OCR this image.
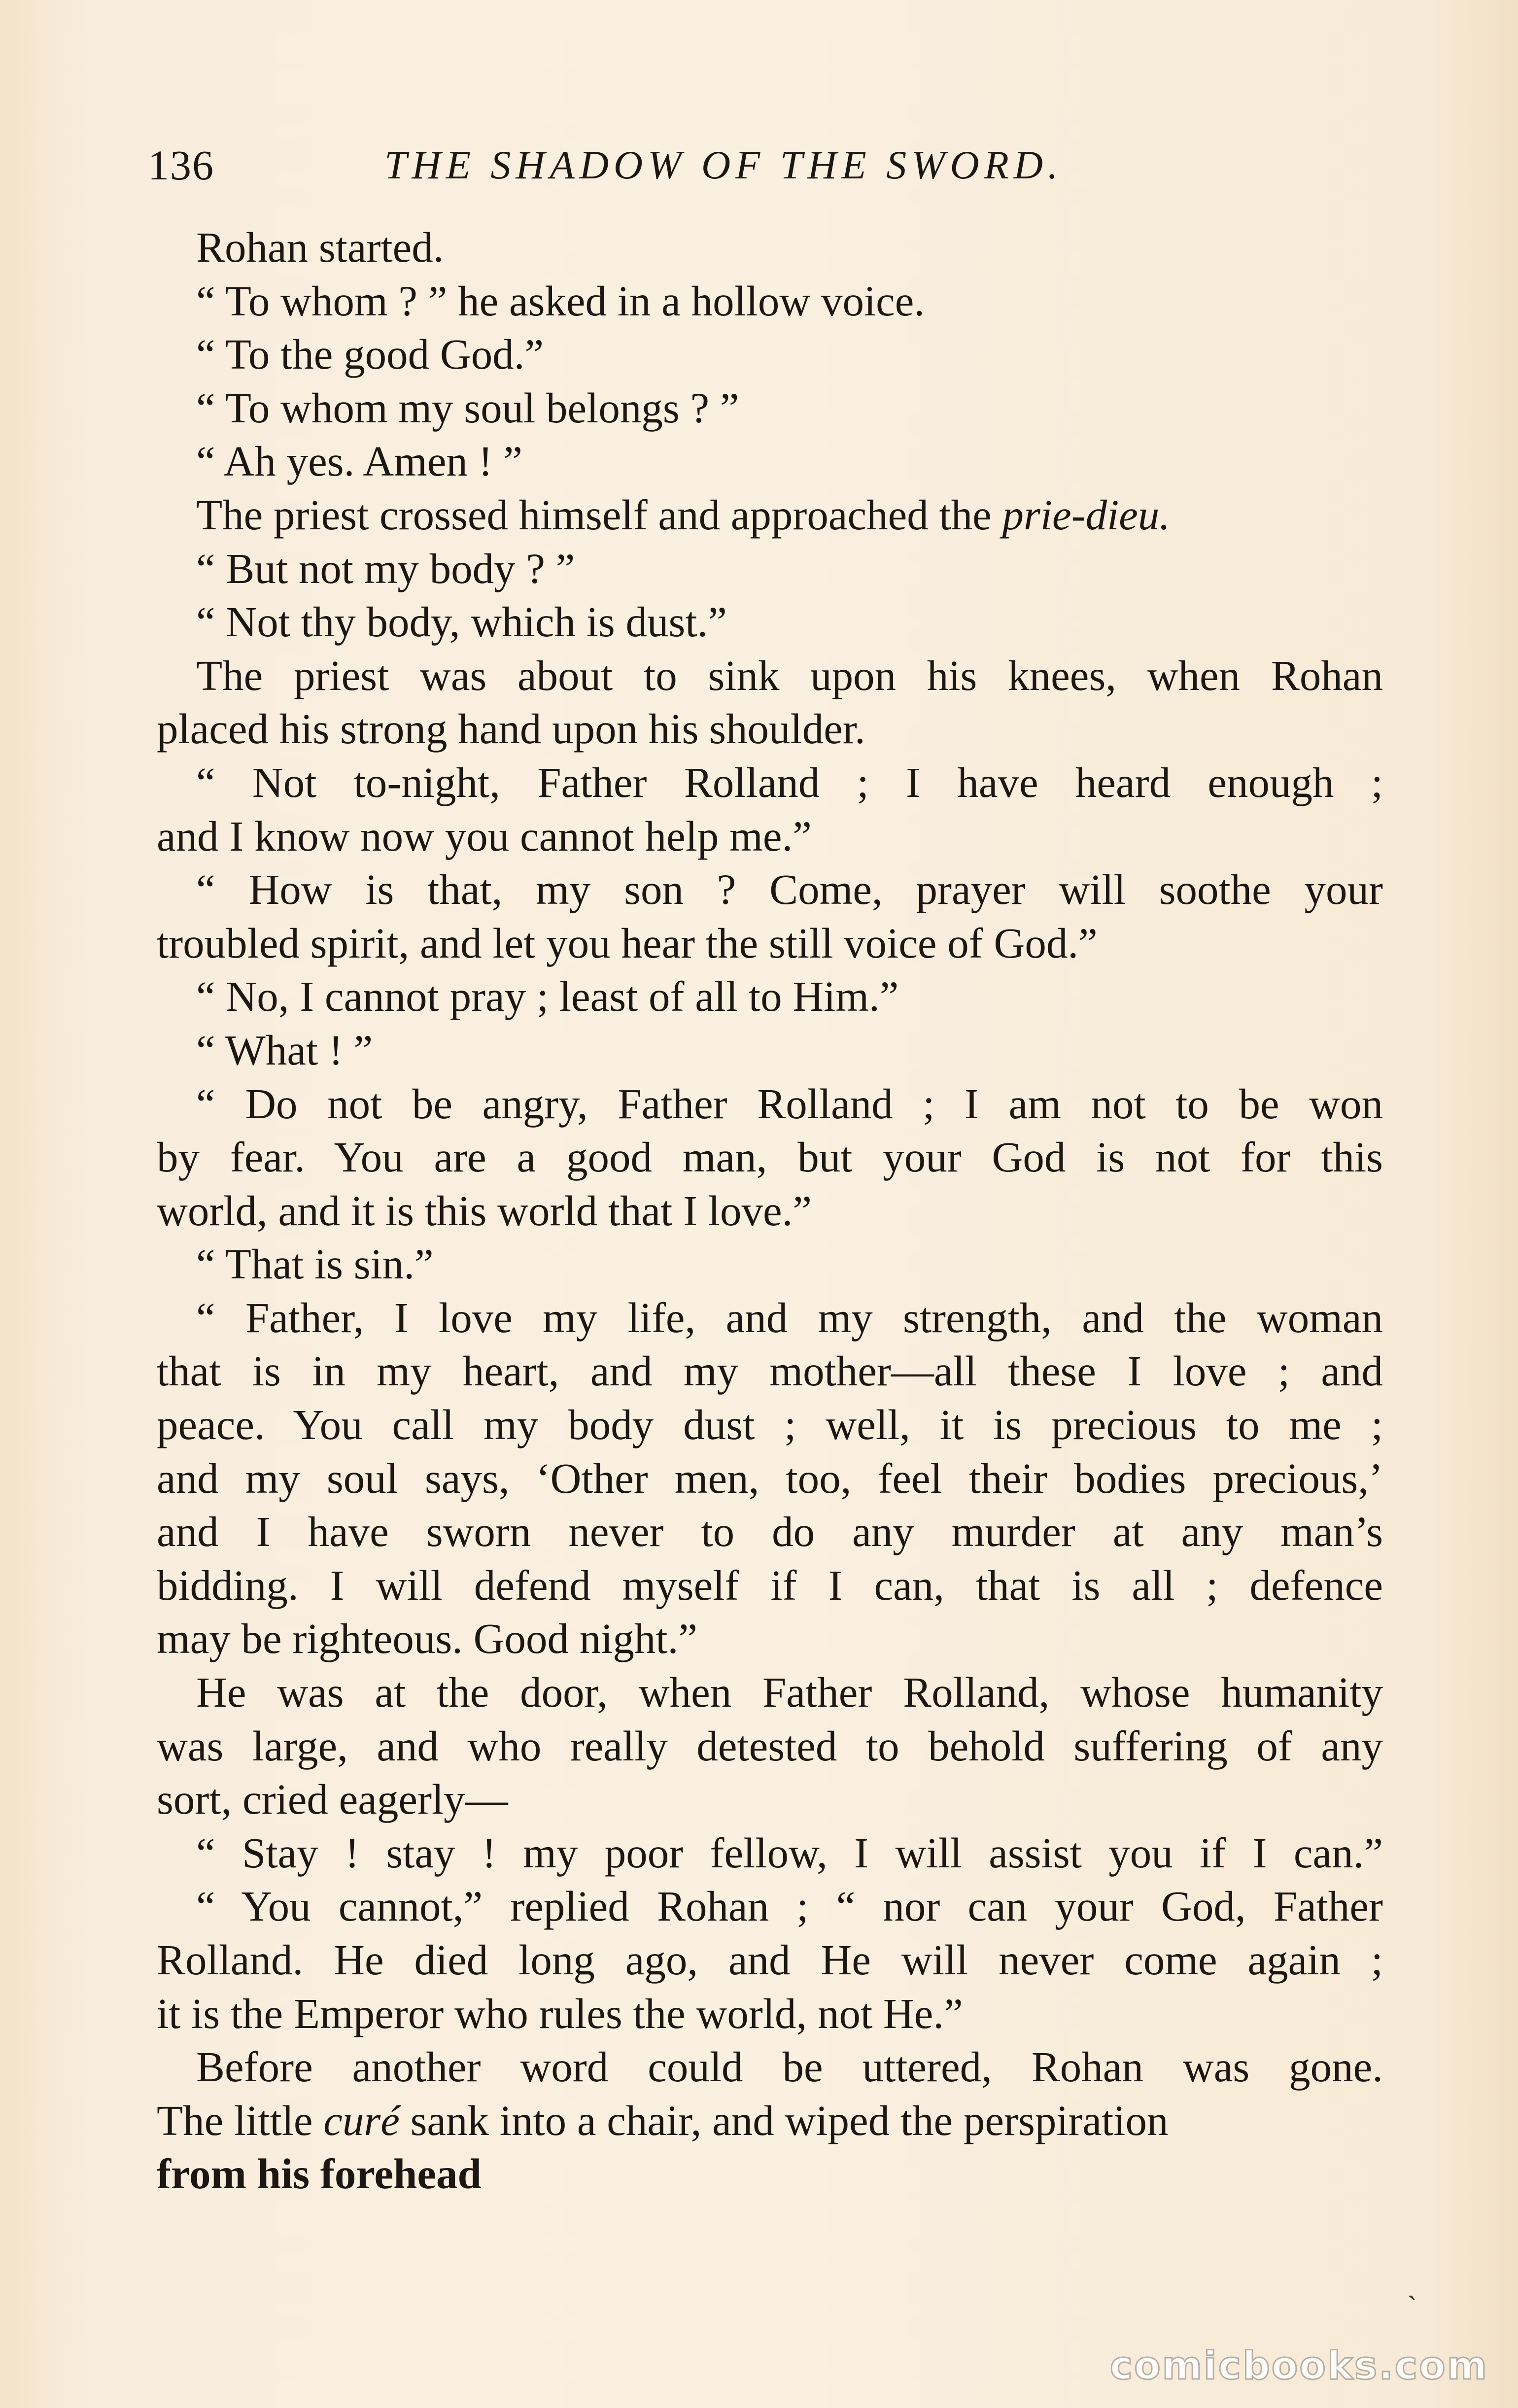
136	THE SHADOW OF THE SWORD.
Rohan started.
“ To whom ? ” he asked in a hollow voice.
“ To the good God.”
“ To whom my soul belongs ? ”
“ Ah yes. Amen ! ”
The priest crossed himself and approached the prie-dieu.
“ But not my body ? ”
“ Not thy body, which is dust.”
The priest was about to sink upon his knees, when Rohan
placed his strong hand upon his shoulder.
“ Not to-night, Father Rolland ; I have heard enough ;
and I know now you cannot help me.”
“ How is that, my son ? Come, prayer will soothe your
troubled spirit, and let you hear the still voice of God.”
“ No, I cannot pray ; least of all to Him.”
“ What ! ”
“ Do not be angry, Father Rolland ; I am not to be won
by fear. You are a good man, but your God is not for this
world, and it is this world that I love.”
“ That is sin.”
“ Father, I love my life, and my strength, and the woman
that is in my heart, and my mother—all these I love ; and
peace. You call my body dust ; well, it is precious to me ;
and my soul says, ‘Other men, too, feel their bodies precious,’
and I have sworn never to do any murder at any man’s
bidding. I will defend myself if I can, that is all ; defence
may be righteous. Good night.”
He was at the door, when Father Rolland, whose humanity
was large, and who really detested to behold suffering of any
sort, cried eagerly—
“ Stay ! stay ! my poor fellow, I will assist you if I can.”
“ You cannot,” replied Rohan ; “ nor can your God, Father
Rolland. He died long ago, and He will never come again ;
it is the Emperor who rules the world, not He.”
Before another word could be uttered, Rohan was gone.
The little curé sank into a chair, and wiped the perspiration
from his forehead
ˎ
comicbooks.com
